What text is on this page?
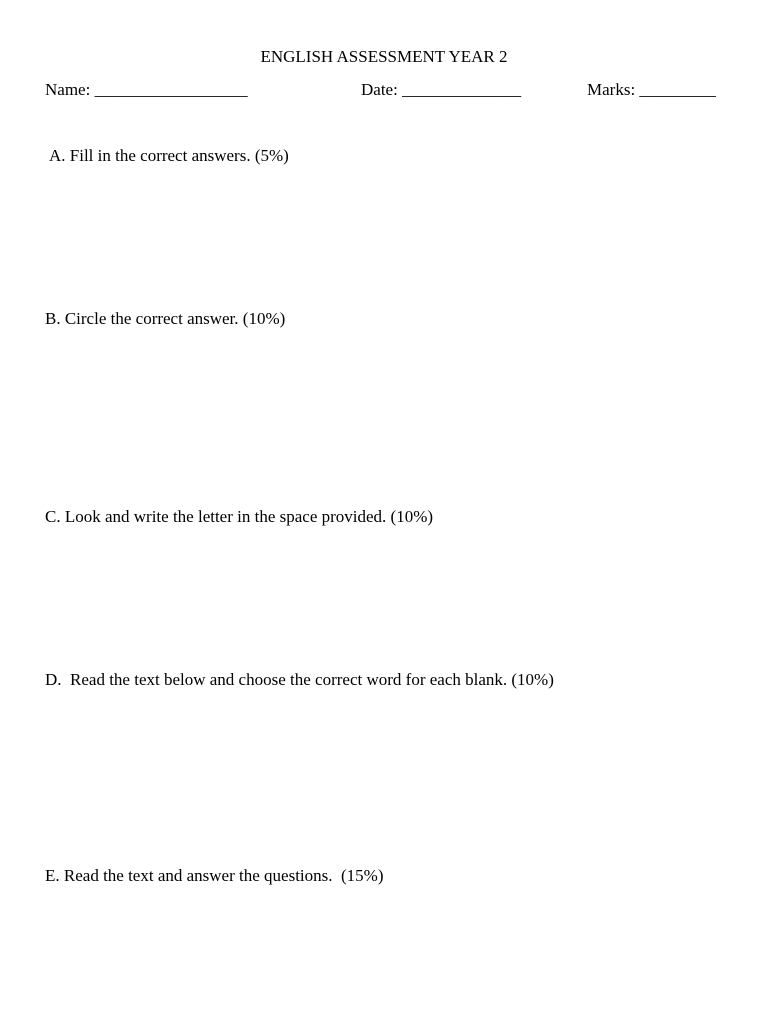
ENGLISH ASSESSMENT YEAR 2
Name: __________________	Date: ______________	Marks: _________
A. Fill in the correct answers. (5%)
B. Circle the correct answer. (10%)
C. Look and write the letter in the space provided. (10%)
D.  Read the text below and choose the correct word for each blank. (10%)
E. Read the text and answer the questions.  (15%)
